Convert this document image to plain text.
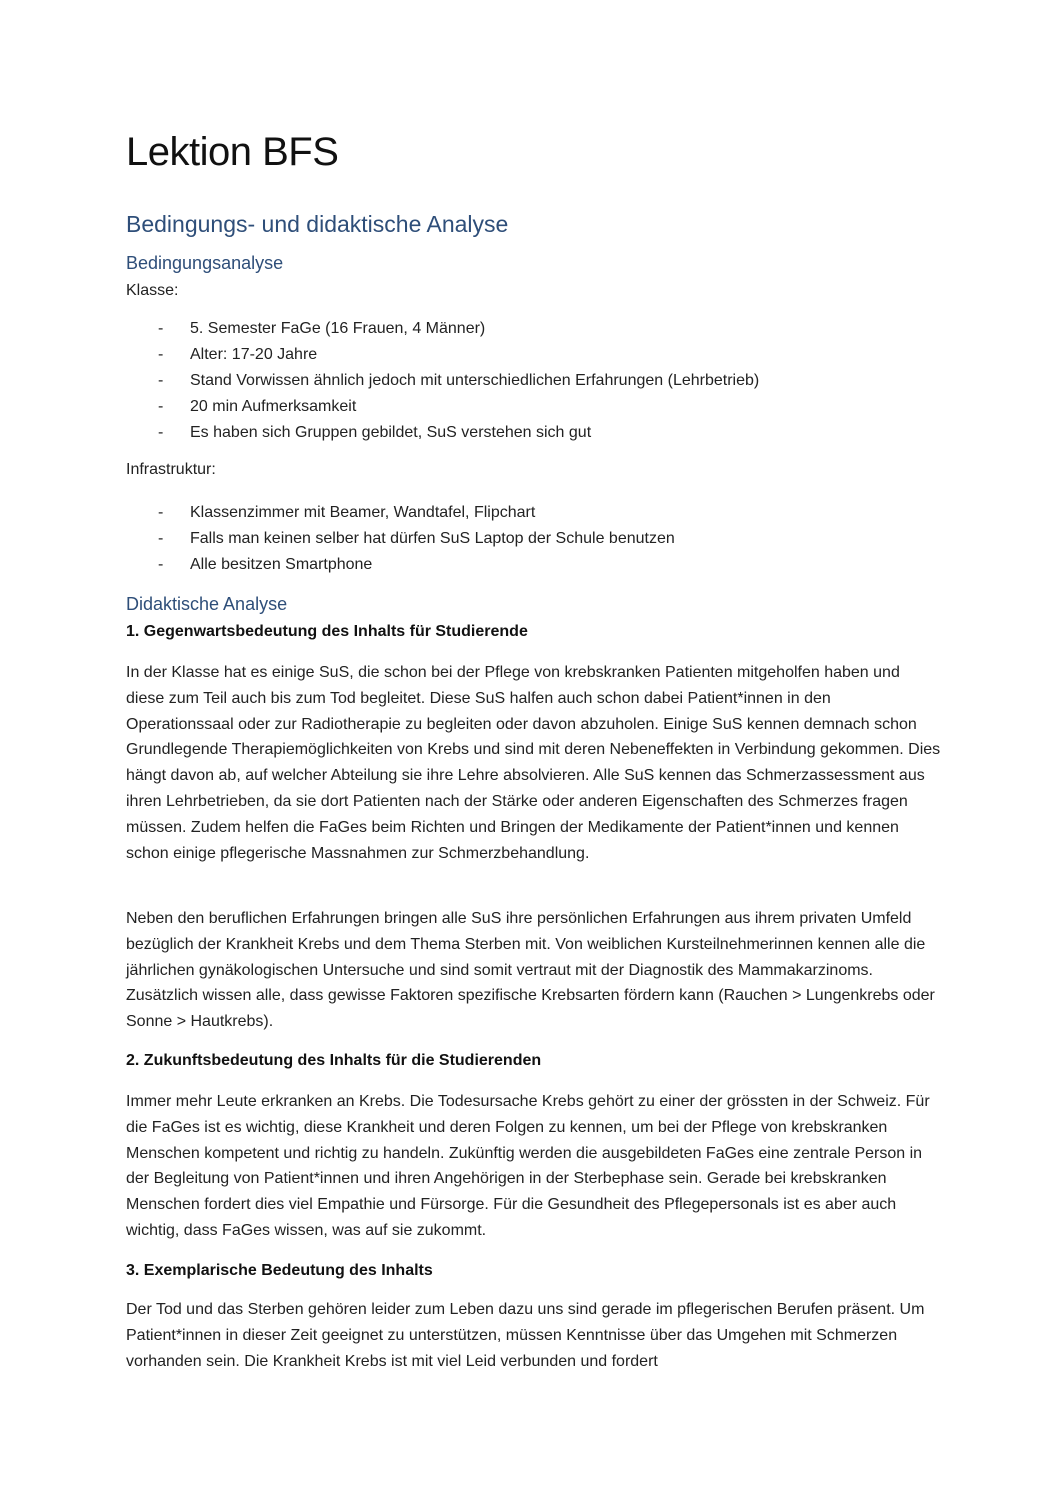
Lektion BFS
Bedingungs- und didaktische Analyse
Bedingungsanalyse
Klasse:
- 5. Semester FaGe (16 Frauen, 4 Männer)
- Alter: 17-20 Jahre
- Stand Vorwissen ähnlich jedoch mit unterschiedlichen Erfahrungen (Lehrbetrieb)
- 20 min Aufmerksamkeit
- Es haben sich Gruppen gebildet, SuS verstehen sich gut
Infrastruktur:
- Klassenzimmer mit Beamer, Wandtafel, Flipchart
- Falls man keinen selber hat dürfen SuS Laptop der Schule benutzen
- Alle besitzen Smartphone
Didaktische Analyse
1. Gegenwartsbedeutung des Inhalts für Studierende

In der Klasse hat es einige SuS, die schon bei der Pflege von krebskranken Patienten mitgeholfen haben und diese zum Teil auch bis zum Tod begleitet. Diese SuS halfen auch schon dabei Patient*innen in den Operationssaal oder zur Radiotherapie zu begleiten oder davon abzuholen. Einige SuS kennen demnach schon Grundlegende Therapiemöglichkeiten von Krebs und sind mit deren Nebeneffekten in Verbindung gekommen. Dies hängt davon ab, auf welcher Abteilung sie ihre Lehre absolvieren. Alle SuS kennen das Schmerzassessment aus ihren Lehrbetrieben, da sie dort Patienten nach der Stärke oder anderen Eigenschaften des Schmerzes fragen müssen. Zudem helfen die FaGes beim Richten und Bringen der Medikamente der Patient*innen und kennen schon einige pflegerische Massnahmen zur Schmerzbehandlung.

Neben den beruflichen Erfahrungen bringen alle SuS ihre persönlichen Erfahrungen aus ihrem privaten Umfeld bezüglich der Krankheit Krebs und dem Thema Sterben mit. Von weiblichen Kursteilnehmerinnen kennen alle die jährlichen gynäkologischen Untersuche und sind somit vertraut mit der Diagnostik des Mammakarzinoms. Zusätzlich wissen alle, dass gewisse Faktoren spezifische Krebsarten fördern kann (Rauchen > Lungenkrebs oder Sonne > Hautkrebs).

2. Zukunftsbedeutung des Inhalts für die Studierenden

Immer mehr Leute erkranken an Krebs. Die Todesursache Krebs gehört zu einer der grössten in der Schweiz. Für die FaGes ist es wichtig, diese Krankheit und deren Folgen zu kennen, um bei der Pflege von krebskranken Menschen kompetent und richtig zu handeln. Zukünftig werden die ausgebildeten FaGes eine zentrale Person in der Begleitung von Patient*innen und ihren Angehörigen in der Sterbephase sein. Gerade bei krebskranken Menschen fordert dies viel Empathie und Fürsorge. Für die Gesundheit des Pflegepersonals ist es aber auch wichtig, dass FaGes wissen, was auf sie zukommt.

3. Exemplarische Bedeutung des Inhalts

Der Tod und das Sterben gehören leider zum Leben dazu uns sind gerade im pflegerischen Berufen präsent. Um Patient*innen in dieser Zeit geeignet zu unterstützen, müssen Kenntnisse über das Umgehen mit Schmerzen vorhanden sein. Die Krankheit Krebs ist mit viel Leid verbunden und fordert
